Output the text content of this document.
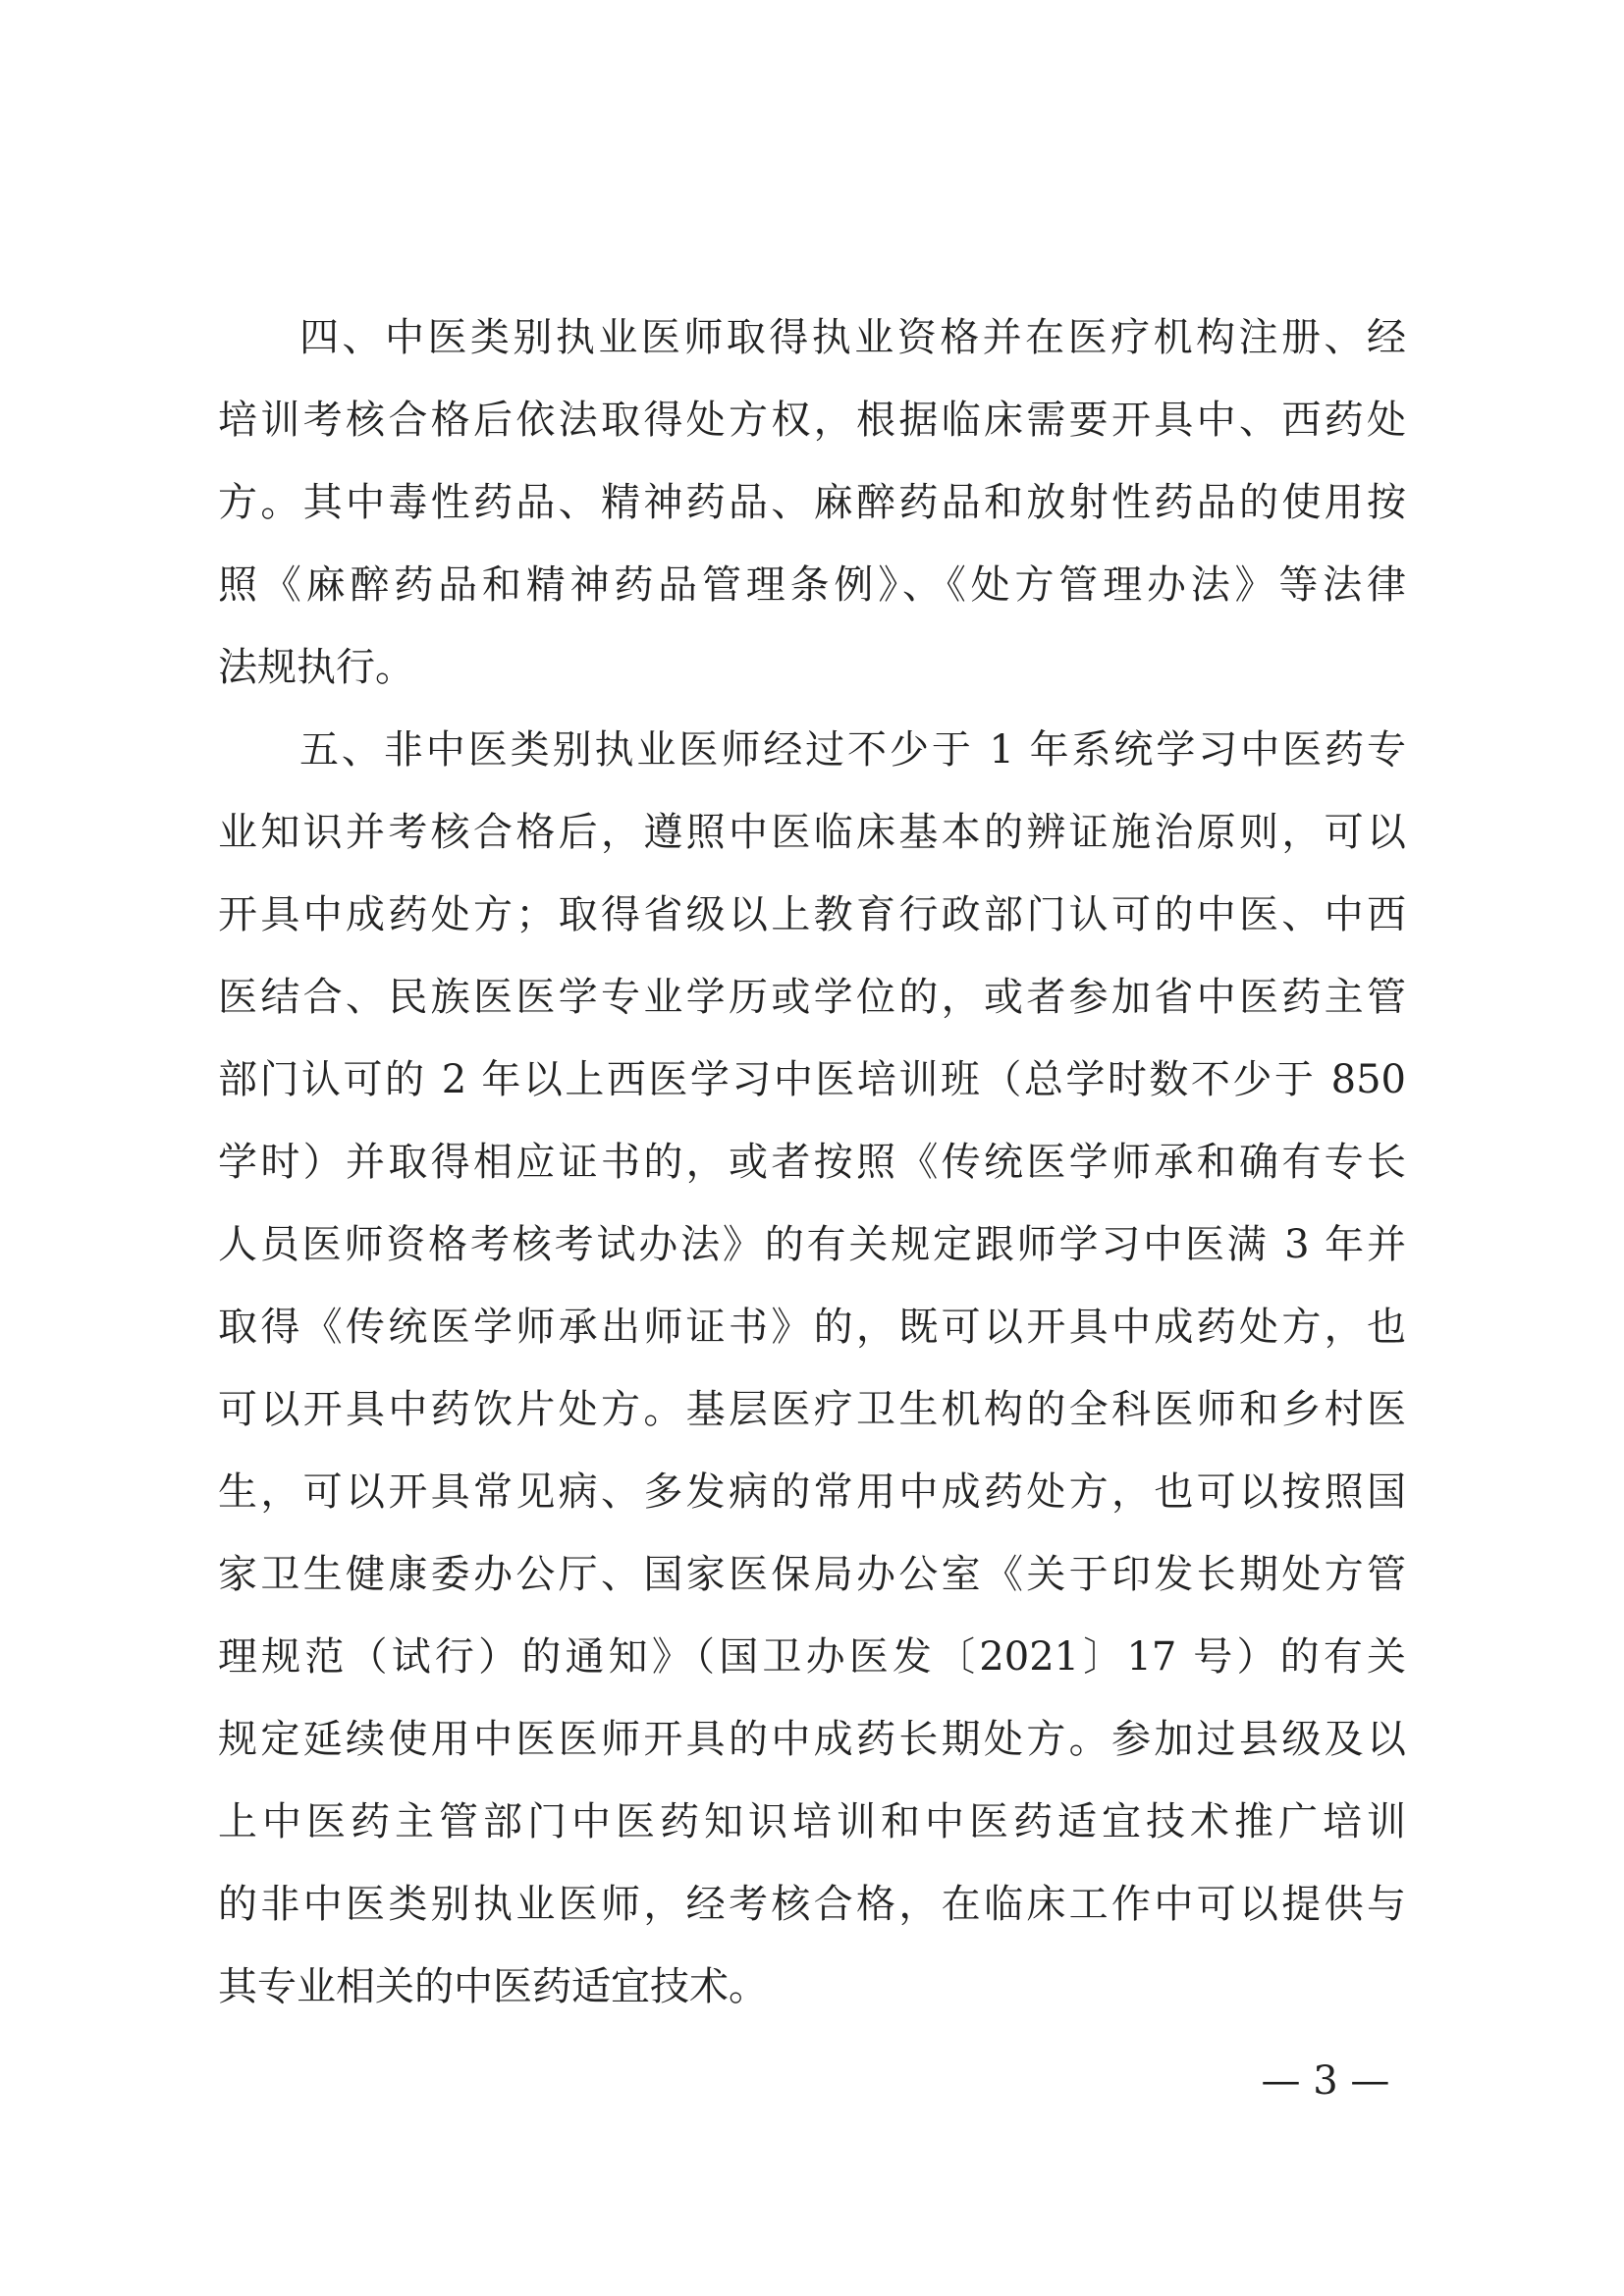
四、中医类别执业医师取得执业资格并在医疗机构注册、经
培训考核合格后依法取得处方权，根据临床需要开具中、西药处
方。其中毒性药品、精神药品、麻醉药品和放射性药品的使用按
照《麻醉药品和精神药品管理条例》、《处方管理办法》等法律
法规执行。
五、非中医类别执业医师经过不少于 1 年系统学习中医药专
业知识并考核合格后，遵照中医临床基本的辨证施治原则，可以
开具中成药处方；取得省级以上教育行政部门认可的中医、中西
医结合、民族医医学专业学历或学位的，或者参加省中医药主管
部门认可的 2 年以上西医学习中医培训班（总学时数不少于 850
学时）并取得相应证书的，或者按照《传统医学师承和确有专长
人员医师资格考核考试办法》的有关规定跟师学习中医满 3 年并
取得《传统医学师承出师证书》的，既可以开具中成药处方，也
可以开具中药饮片处方。基层医疗卫生机构的全科医师和乡村医
生，可以开具常见病、多发病的常用中成药处方，也可以按照国
家卫生健康委办公厅、国家医保局办公室《关于印发长期处方管
理规范（试行）的通知》（国卫办医发〔2021〕17 号）的有关
规定延续使用中医医师开具的中成药长期处方。参加过县级及以
上中医药主管部门中医药知识培训和中医药适宜技术推广培训
的非中医类别执业医师，经考核合格，在临床工作中可以提供与
其专业相关的中医药适宜技术。
— 3 —
